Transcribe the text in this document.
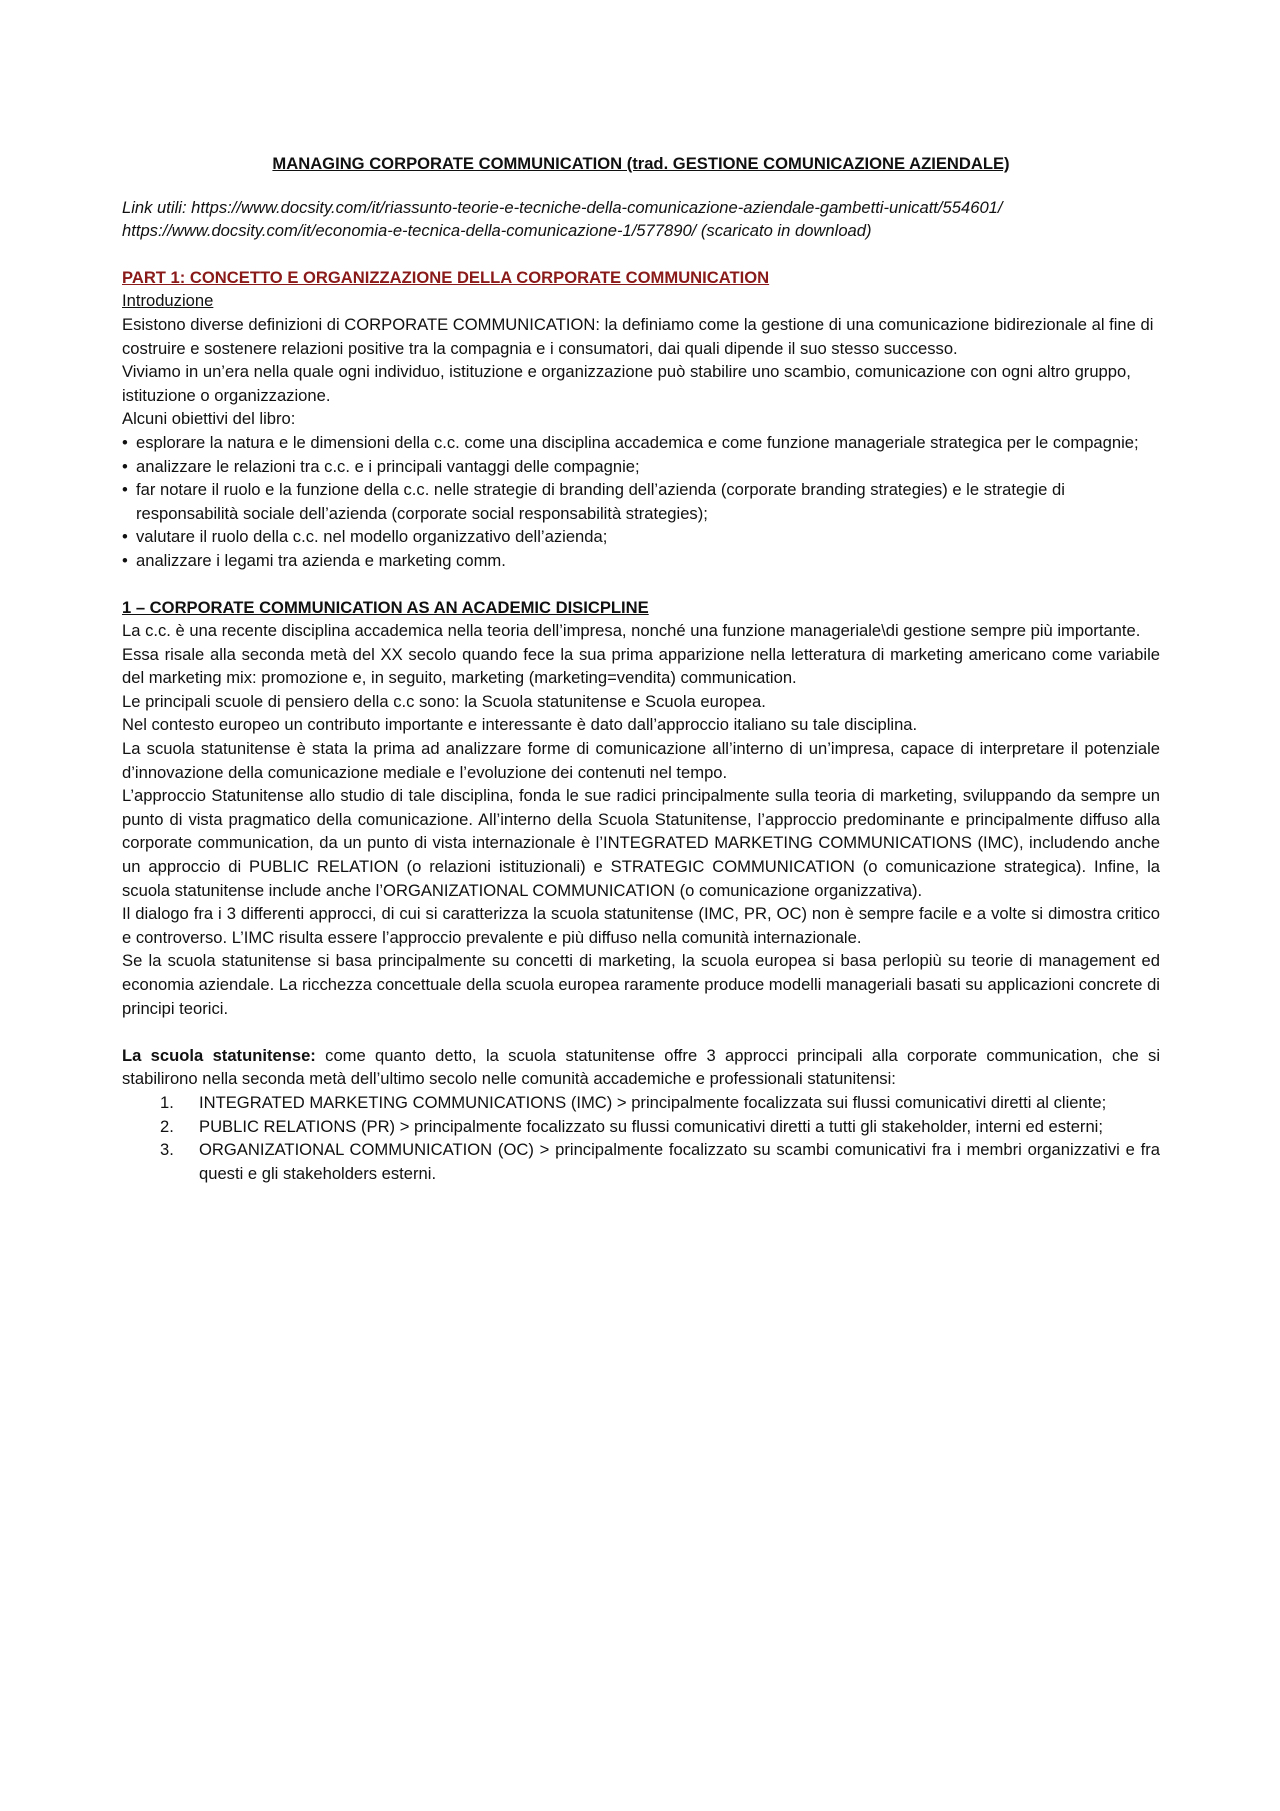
MANAGING CORPORATE COMMUNICATION (trad. GESTIONE COMUNICAZIONE AZIENDALE)
Link utili: https://www.docsity.com/it/riassunto-teorie-e-tecniche-della-comunicazione-aziendale-gambetti-unicatt/554601/
https://www.docsity.com/it/economia-e-tecnica-della-comunicazione-1/577890/ (scaricato in download)
PART 1: CONCETTO E ORGANIZZAZIONE DELLA CORPORATE COMMUNICATION
Introduzione

Esistono diverse definizioni di CORPORATE COMMUNICATION: la definiamo come la gestione di una comunicazione bidirezionale al fine di costruire e sostenere relazioni positive tra la compagnia e i consumatori, dai quali dipende il suo stesso successo.

Viviamo in un’era nella quale ogni individuo, istituzione e organizzazione può stabilire uno scambio, comunicazione con ogni altro gruppo, istituzione o organizzazione.

Alcuni obiettivi del libro:

• esplorare la natura e le dimensioni della c.c. come una disciplina accademica e come funzione manageriale strategica per le compagnie;
• analizzare le relazioni tra c.c. e i principali vantaggi delle compagnie;
• far notare il ruolo e la funzione della c.c. nelle strategie di branding dell’azienda (corporate branding strategies) e le strategie di responsabilità sociale dell’azienda (corporate social responsabilità strategies);
• valutare il ruolo della c.c. nel modello organizzativo dell’azienda;
• analizzare i legami tra azienda e marketing comm.
1 – CORPORATE COMMUNICATION AS AN ACADEMIC DISICPLINE

La c.c. è una recente disciplina accademica nella teoria dell’impresa, nonché una funzione manageriale\di gestione sempre più importante.

Essa risale alla seconda metà del XX secolo quando fece la sua prima apparizione nella letteratura di marketing americano come variabile del marketing mix: promozione e, in seguito, marketing (marketing=vendita) communication.

Le principali scuole di pensiero della c.c sono: la Scuola statunitense e Scuola europea.

Nel contesto europeo un contributo importante e interessante è dato dall’approccio italiano su tale disciplina.

La scuola statunitense è stata la prima ad analizzare forme di comunicazione all’interno di un’impresa, capace di interpretare il potenziale d’innovazione della comunicazione mediale e l’evoluzione dei contenuti nel tempo.

L’approccio Statunitense allo studio di tale disciplina, fonda le sue radici principalmente sulla teoria di marketing, sviluppando da sempre un punto di vista pragmatico della comunicazione. All’interno della Scuola Statunitense, l’approccio predominante e principalmente diffuso alla corporate communication, da un punto di vista internazionale è l’INTEGRATED MARKETING COMMUNICATIONS (IMC), includendo anche un approccio di PUBLIC RELATION (o relazioni istituzionali) e STRATEGIC COMMUNICATION (o comunicazione strategica). Infine, la scuola statunitense include anche l’ORGANIZATIONAL COMMUNICATION (o comunicazione organizzativa).

Il dialogo fra i 3 differenti approcci, di cui si caratterizza la scuola statunitense (IMC, PR, OC) non è sempre facile e a volte si dimostra critico e controverso. L’IMC risulta essere l’approccio prevalente e più diffuso nella comunità internazionale.

Se la scuola statunitense si basa principalmente su concetti di marketing, la scuola europea si basa perlopiù su teorie di management ed economia aziendale. La ricchezza concettuale della scuola europea raramente produce modelli manageriali basati su applicazioni concrete di principi teorici.

La scuola statunitense: come quanto detto, la scuola statunitense offre 3 approcci principali alla corporate communication, che si stabilirono nella seconda metà dell’ultimo secolo nelle comunità accademiche e professionali statunitensi:

1. INTEGRATED MARKETING COMMUNICATIONS (IMC) > principalmente focalizzata sui flussi comunicativi diretti al cliente;
2. PUBLIC RELATIONS (PR) > principalmente focalizzato su flussi comunicativi diretti a tutti gli stakeholder, interni ed esterni;
3. ORGANIZATIONAL COMMUNICATION (OC) > principalmente focalizzato su scambi comunicativi fra i membri organizzativi e fra questi e gli stakeholders esterni.
